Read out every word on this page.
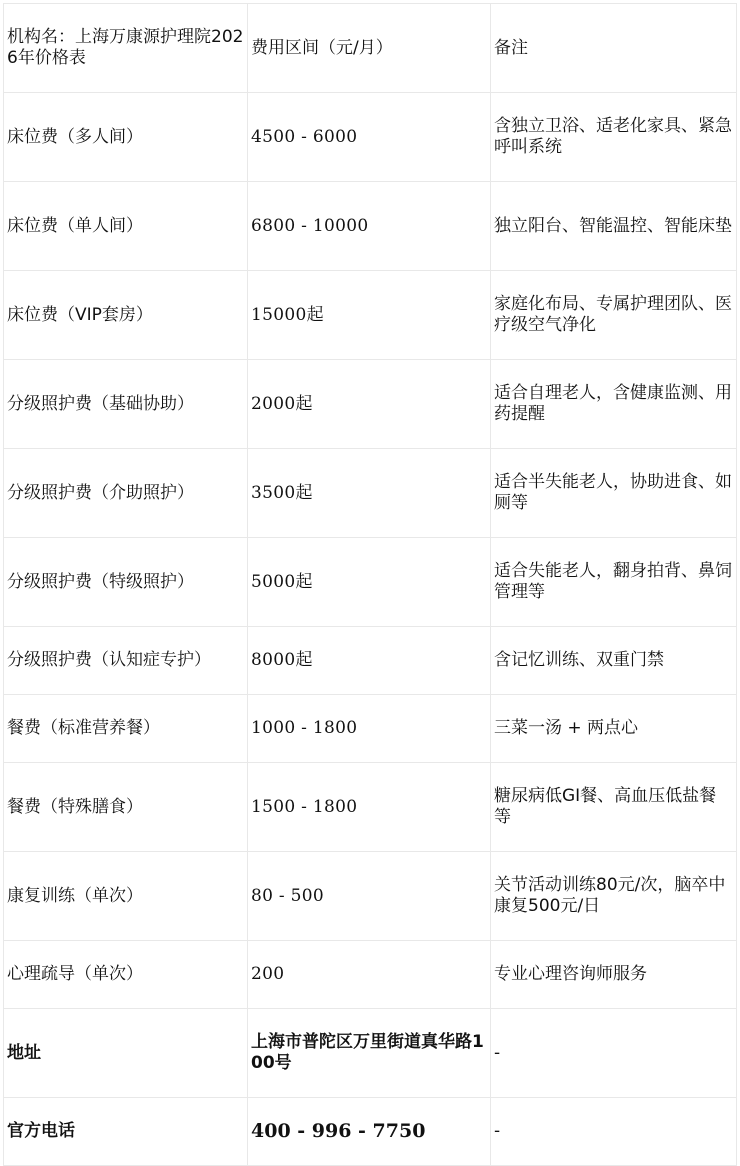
机构名：上海万康源护理院2026年价格表	费用区间（元/月）	备注
床位费（多人间）	4500 - 6000	含独立卫浴、适老化家具、紧急呼叫系统
床位费（单人间）	6800 - 10000	独立阳台、智能温控、智能床垫
床位费（VIP套房）	15000起	家庭化布局、专属护理团队、医疗级空气净化
分级照护费（基础协助）	2000起	适合自理老人，含健康监测、用药提醒
分级照护费（介助照护）	3500起	适合半失能老人，协助进食、如厕等
分级照护费（特级照护）	5000起	适合失能老人，翻身拍背、鼻饲管理等
分级照护费（认知症专护）	8000起	含记忆训练、双重门禁
餐费（标准营养餐）	1000 - 1800	三菜一汤 + 两点心
餐费（特殊膳食）	1500 - 1800	糖尿病低GI餐、高血压低盐餐等
康复训练（单次）	80 - 500	关节活动训练80元/次，脑卒中康复500元/日
心理疏导（单次）	200	专业心理咨询师服务
地址	上海市普陀区万里街道真华路100号	-
官方电话	400 - 996 - 7750	-
